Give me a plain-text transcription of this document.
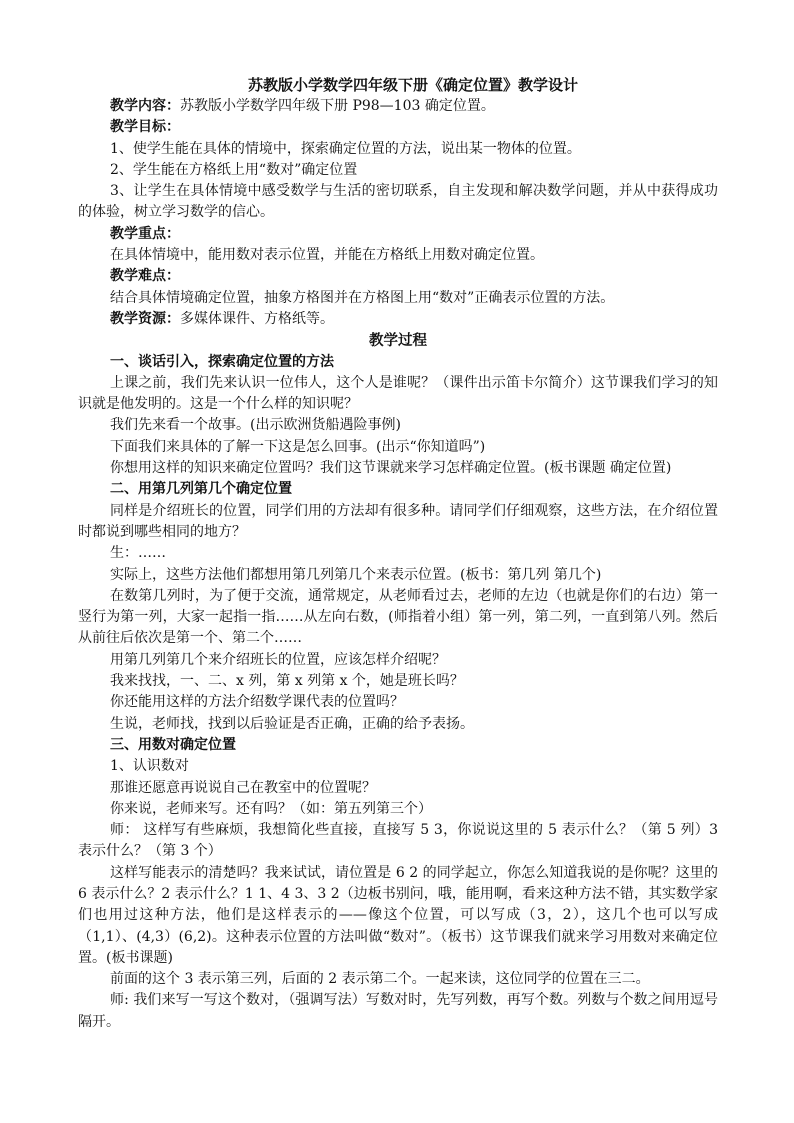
苏教版小学数学四年级下册《确定位置》教学设计

教学内容：苏教版小学数学四年级下册 P98—103 确定位置。

教学目标：

1、使学生能在具体的情境中，探索确定位置的方法，说出某一物体的位置。

2、学生能在方格纸上用“数对”确定位置

3、让学生在具体情境中感受数学与生活的密切联系，自主发现和解决数学问题，并从中获得成功的体验，树立学习数学的信心。

教学重点：

在具体情境中，能用数对表示位置，并能在方格纸上用数对确定位置。

教学难点：

结合具体情境确定位置，抽象方格图并在方格图上用“数对”正确表示位置的方法。

教学资源：多媒体课件、方格纸等。

教学过程

一、谈话引入，探索确定位置的方法

上课之前，我们先来认识一位伟人，这个人是谁呢？（课件出示笛卡尔简介）这节课我们学习的知识就是他发明的。这是一个什么样的知识呢？

我们先来看一个故事。(出示欧洲货船遇险事例)

下面我们来具体的了解一下这是怎么回事。(出示“你知道吗”)

你想用这样的知识来确定位置吗？我们这节课就来学习怎样确定位置。(板书课题 确定位置)

二、用第几列第几个确定位置

同样是介绍班长的位置，同学们用的方法却有很多种。请同学们仔细观察，这些方法，在介绍位置时都说到哪些相同的地方？

生：……

实际上，这些方法他们都想用第几列第几个来表示位置。(板书：第几列 第几个)

在数第几列时，为了便于交流，通常规定，从老师看过去，老师的左边（也就是你们的右边）第一竖行为第一列，大家一起指一指……从左向右数，(师指着小组）第一列，第二列，一直到第八列。然后从前往后依次是第一个、第二个……

用第几列第几个来介绍班长的位置，应该怎样介绍呢？

我来找找，一、二、x 列，第 x 列第 x 个，她是班长吗？

你还能用这样的方法介绍数学课代表的位置吗？

生说，老师找，找到以后验证是否正确，正确的给予表扬。

三、用数对确定位置

1、认识数对

那谁还愿意再说说自己在教室中的位置呢？

你来说，老师来写。还有吗？（如：第五列第三个）

师： 这样写有些麻烦，我想简化些直接，直接写 5 3，你说说这里的 5 表示什么？（第 5 列）3 表示什么？（第 3 个）

这样写能表示的清楚吗？我来试试，请位置是 6 2 的同学起立，你怎么知道我说的是你呢？这里的 6 表示什么？2 表示什么？1 1、4 3、3 2（边板书别问，哦，能用啊，看来这种方法不错，其实数学家们也用过这种方法，他们是这样表示的——像这个位置，可以写成（3，2），这几个也可以写成（1,1）、(4,3）(6,2)。这种表示位置的方法叫做“数对”。（板书）这节课我们就来学习用数对来确定位置。(板书课题)

前面的这个 3 表示第三列，后面的 2 表示第二个。一起来读，这位同学的位置在三二。

师: 我们来写一写这个数对，（强调写法）写数对时，先写列数，再写个数。列数与个数之间用逗号隔开。
